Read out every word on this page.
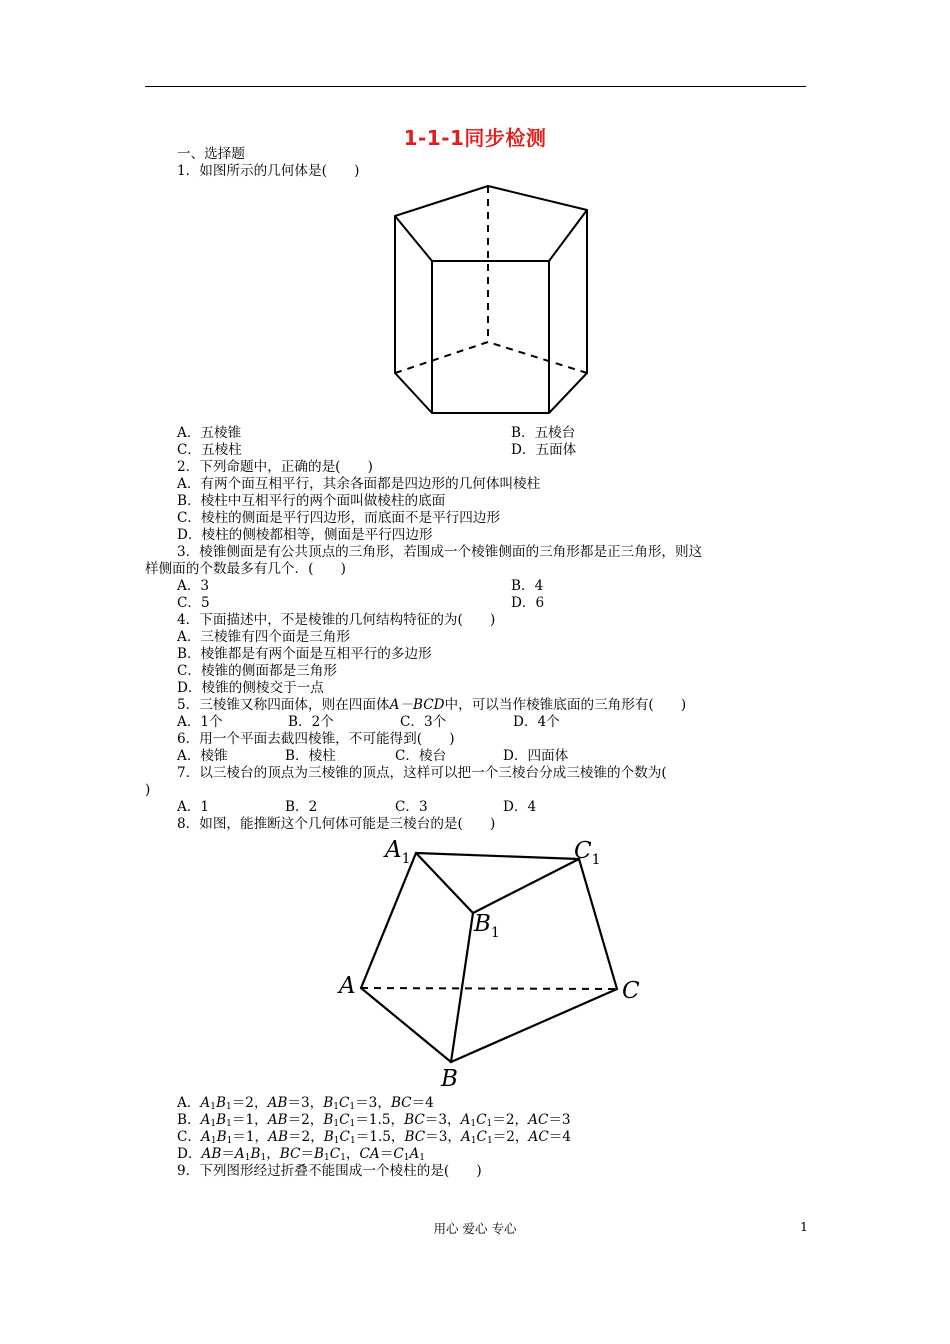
1-1-1同步检测
一、选择题
1．如图所示的几何体是(　　)
A．五棱锥	B．五棱台
C．五棱柱	D．五面体
2．下列命题中，正确的是(　　)
A．有两个面互相平行，其余各面都是四边形的几何体叫棱柱
B．棱柱中互相平行的两个面叫做棱柱的底面
C．棱柱的侧面是平行四边形，而底面不是平行四边形
D．棱柱的侧棱都相等，侧面是平行四边形
3．棱锥侧面是有公共顶点的三角形，若围成一个棱锥侧面的三角形都是正三角形，则这
样侧面的个数最多有几个．(　　)
A．3	B．4
C．5	D．6
4．下面描述中，不是棱锥的几何结构特征的为(　　)
A．三棱锥有四个面是三角形
B．棱锥都是有两个面是互相平行的多边形
C．棱锥的侧面都是三角形
D．棱锥的侧棱交于一点
5．三棱锥又称四面体，则在四面体A－BCD中，可以当作棱锥底面的三角形有(　　)
A．1个	B．2个	C．3个	D．4个
6．用一个平面去截四棱锥，不可能得到(　　)
A．棱锥	B．棱柱	C．棱台	D．四面体
7．以三棱台的顶点为三棱锥的顶点，这样可以把一个三棱台分成三棱锥的个数为(
)
A．1	B．2	C．3	D．4
8．如图，能推断这个几何体可能是三棱台的是(　　)
$A_1$	$C_1$
$B_1$
A	C
B
A．$A_1B_1=2$，AB＝3，$B_1C_1=3$，BC＝4
B．$A_1B_1=1$，AB＝2，$B_1C_1=1.5$，BC＝3，$A_1C_1=2$，AC＝3
C．$A_1B_1=1$，AB＝2，$B_1C_1=1.5$，BC＝3，$A_1C_1=2$，AC＝4
D．$AB=A_1B_1$，$BC=B_1C_1$，$CA=C_1A_1$
9．下列图形经过折叠不能围成一个棱柱的是(　　)
用心 爱心 专心	1
